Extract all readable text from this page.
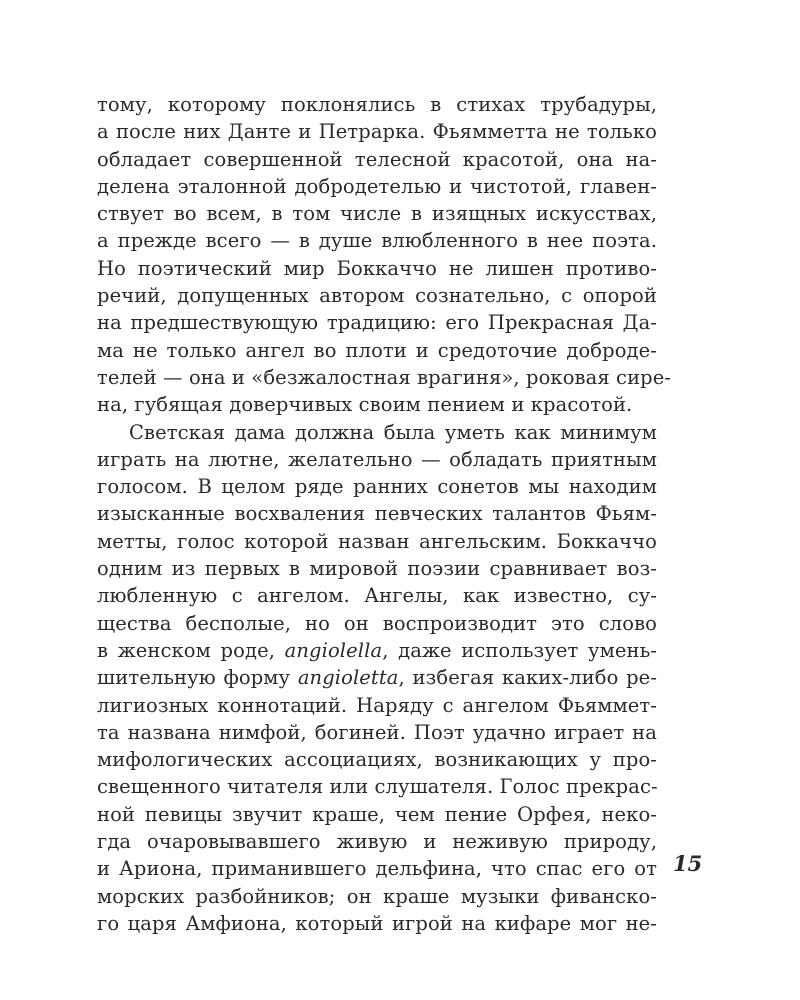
тому, которому поклонялись в стихах трубадуры,
а после них Данте и Петрарка. Фьямметта не только
обладает совершенной телесной красотой, она на-
делена эталонной добродетелью и чистотой, главен-
ствует во всем, в том числе в изящных искусствах,
а прежде всего — в душе влюбленного в нее поэта.
Но поэтический мир Боккаччо не лишен противо-
речий, допущенных автором сознательно, с опорой
на предшествующую традицию: его Прекрасная Да-
ма не только ангел во плоти и средоточие доброде-
телей — она и «безжалостная врагиня», роковая сире-
на, губящая доверчивых своим пением и красотой.
Светская дама должна была уметь как минимум
играть на лютне, желательно — обладать приятным
голосом. В целом ряде ранних сонетов мы находим
изысканные восхваления певческих талантов Фьям-
метты, голос которой назван ангельским. Боккаччо
одним из первых в мировой поэзии сравнивает воз-
любленную с ангелом. Ангелы, как известно, су-
щества бесполые, но он воспроизводит это слово
в женском роде, angiolella, даже использует умень-
шительную форму angioletta, избегая каких-либо ре-
лигиозных коннотаций. Наряду с ангелом Фьяммет‑
та названа нимфой, богиней. Поэт удачно играет на
мифологических ассоциациях, возникающих у про-
свещенного читателя или слушателя. Голос прекрас-
ной певицы звучит краше, чем пение Орфея, неко-
гда очаровывавшего живую и неживую природу,
и Ариона, приманившего дельфина, что спас его от
морских разбойников; он краше музыки фиванско-
го царя Амфиона, который игрой на кифаре мог не-
15
